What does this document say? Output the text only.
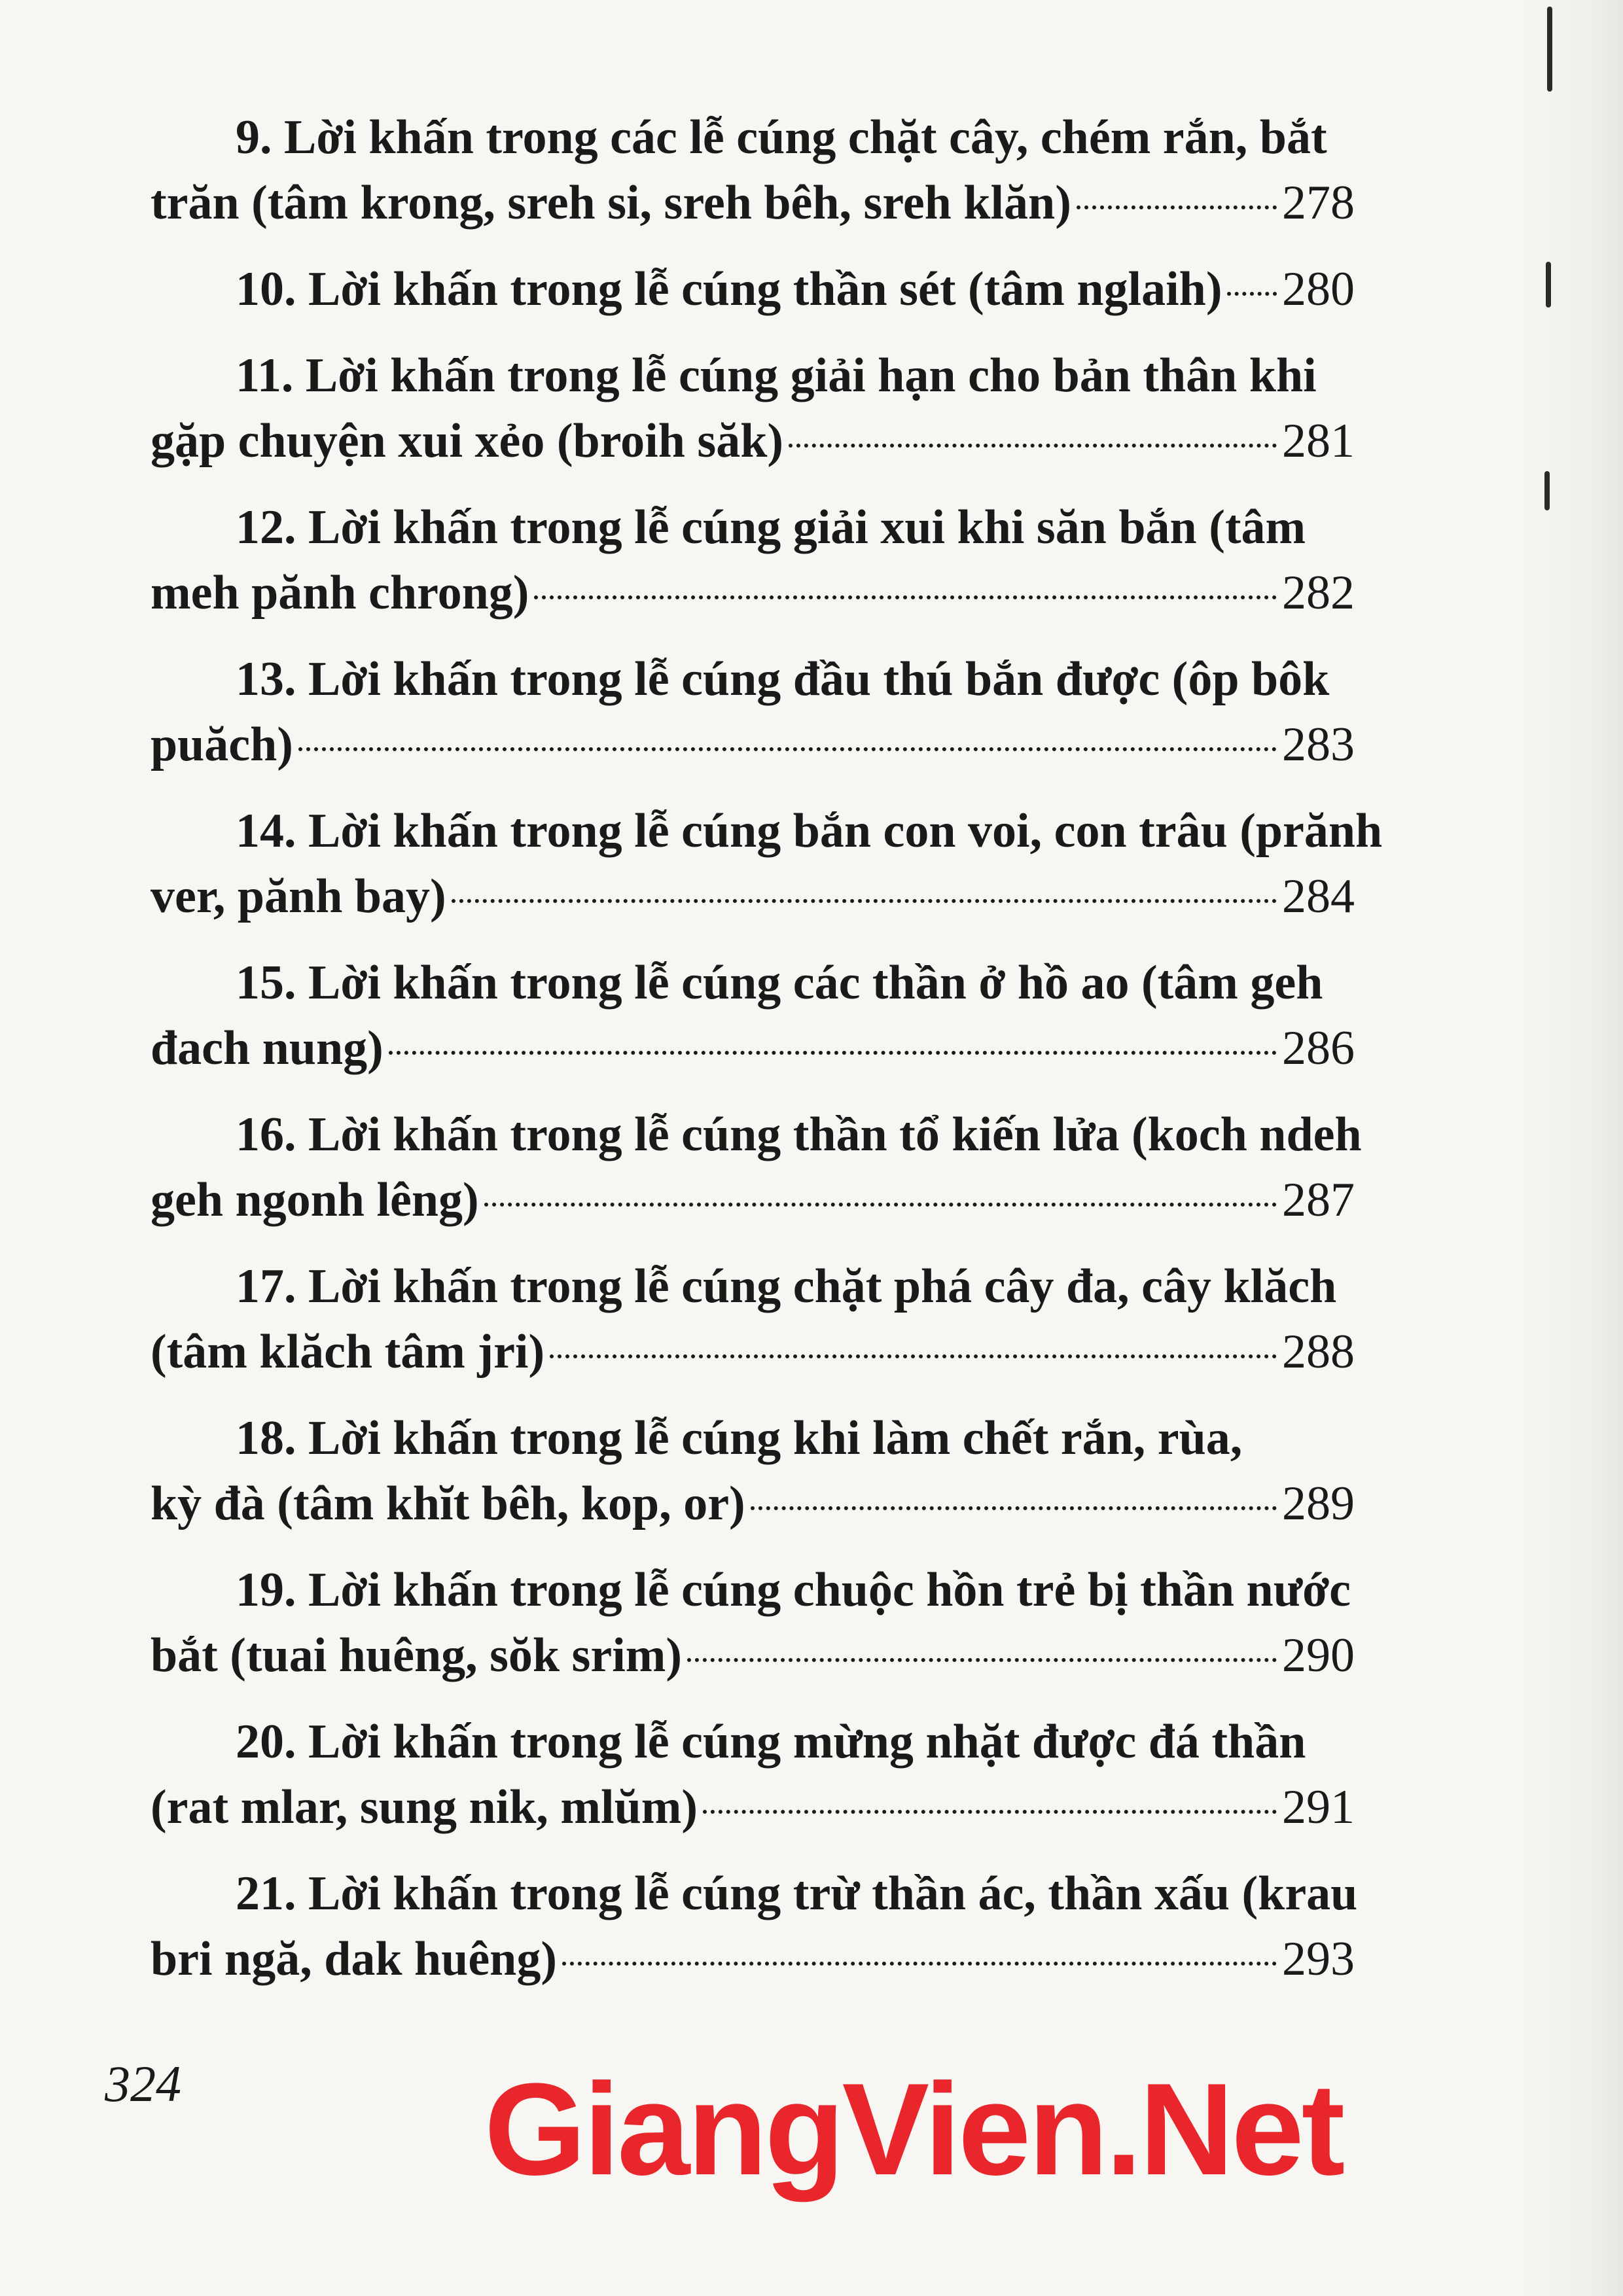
9. Lời khấn trong các lễ cúng chặt cây, chém rắn, bắt
trăn (tâm krong, sreh si, sreh bêh, sreh klăn)	278
10. Lời khấn trong lễ cúng thần sét (tâm nglaih) 280
11. Lời khấn trong lễ cúng giải hạn cho bản thân khi
gặp chuyện xui xẻo (broih săk)	281
12. Lời khấn trong lễ cúng giải xui khi săn bắn (tâm
meh pănh chrong)	282
13. Lời khấn trong lễ cúng đầu thú bắn được (ôp bôk
puăch)	283
14. Lời khấn trong lễ cúng bắn con voi, con trâu (prănh
ver, pănh bay)	284
15. Lời khấn trong lễ cúng các thần ở hồ ao (tâm geh
đach nung)	286
16. Lời khấn trong lễ cúng thần tổ kiến lửa (koch ndeh
geh ngonh lêng)	287
17. Lời khấn trong lễ cúng chặt phá cây đa, cây klăch
(tâm klăch tâm jri)	288
18. Lời khấn trong lễ cúng khi làm chết rắn, rùa,
kỳ đà (tâm khĭt bêh, kop, or)	289
19. Lời khấn trong lễ cúng chuộc hồn trẻ bị thần nước
bắt (tuai huêng, sŏk srim)	290
20. Lời khấn trong lễ cúng mừng nhặt được đá thần
(rat mlar, sung nik, mlŭm)	291
21. Lời khấn trong lễ cúng trừ thần ác, thần xấu (krau
bri ngă, dak huêng)	293
324 GiangVien.Net
